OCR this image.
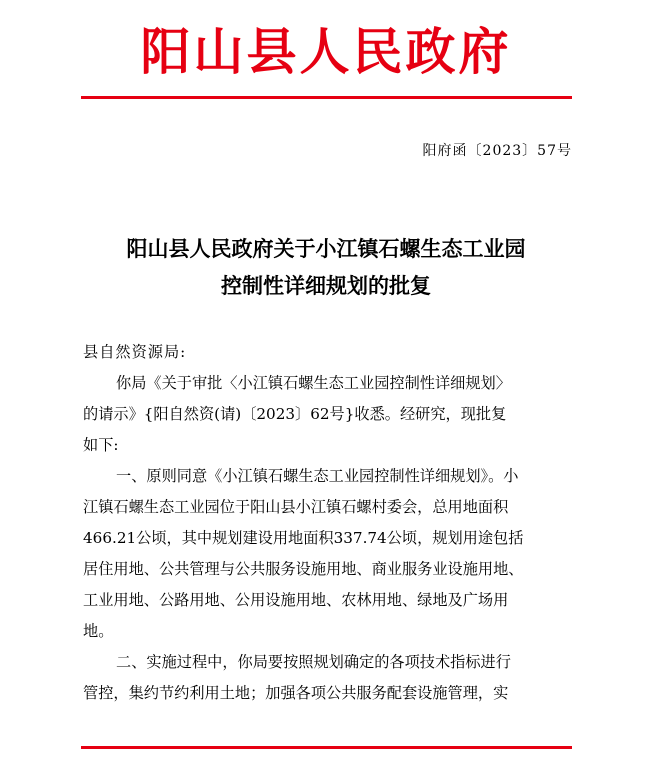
阳山县人民政府
阳府函〔2023〕57号
阳山县人民政府关于小江镇石螺生态工业园
控制性详细规划的批复
县自然资源局:
你局《关于审批〈小江镇石螺生态工业园控制性详细规划〉
的请示》{阳自然资(请)〔2023〕62号}收悉。经研究，现批复
如下:
一、原则同意《小江镇石螺生态工业园控制性详细规划》。小
江镇石螺生态工业园位于阳山县小江镇石螺村委会，总用地面积
466.21公顷，其中规划建设用地面积337.74公顷，规划用途包括
居住用地、公共管理与公共服务设施用地、商业服务业设施用地、
工业用地、公路用地、公用设施用地、农林用地、绿地及广场用
地。
二、实施过程中，你局要按照规划确定的各项技术指标进行
管控，集约节约利用土地；加强各项公共服务配套设施管理，实
